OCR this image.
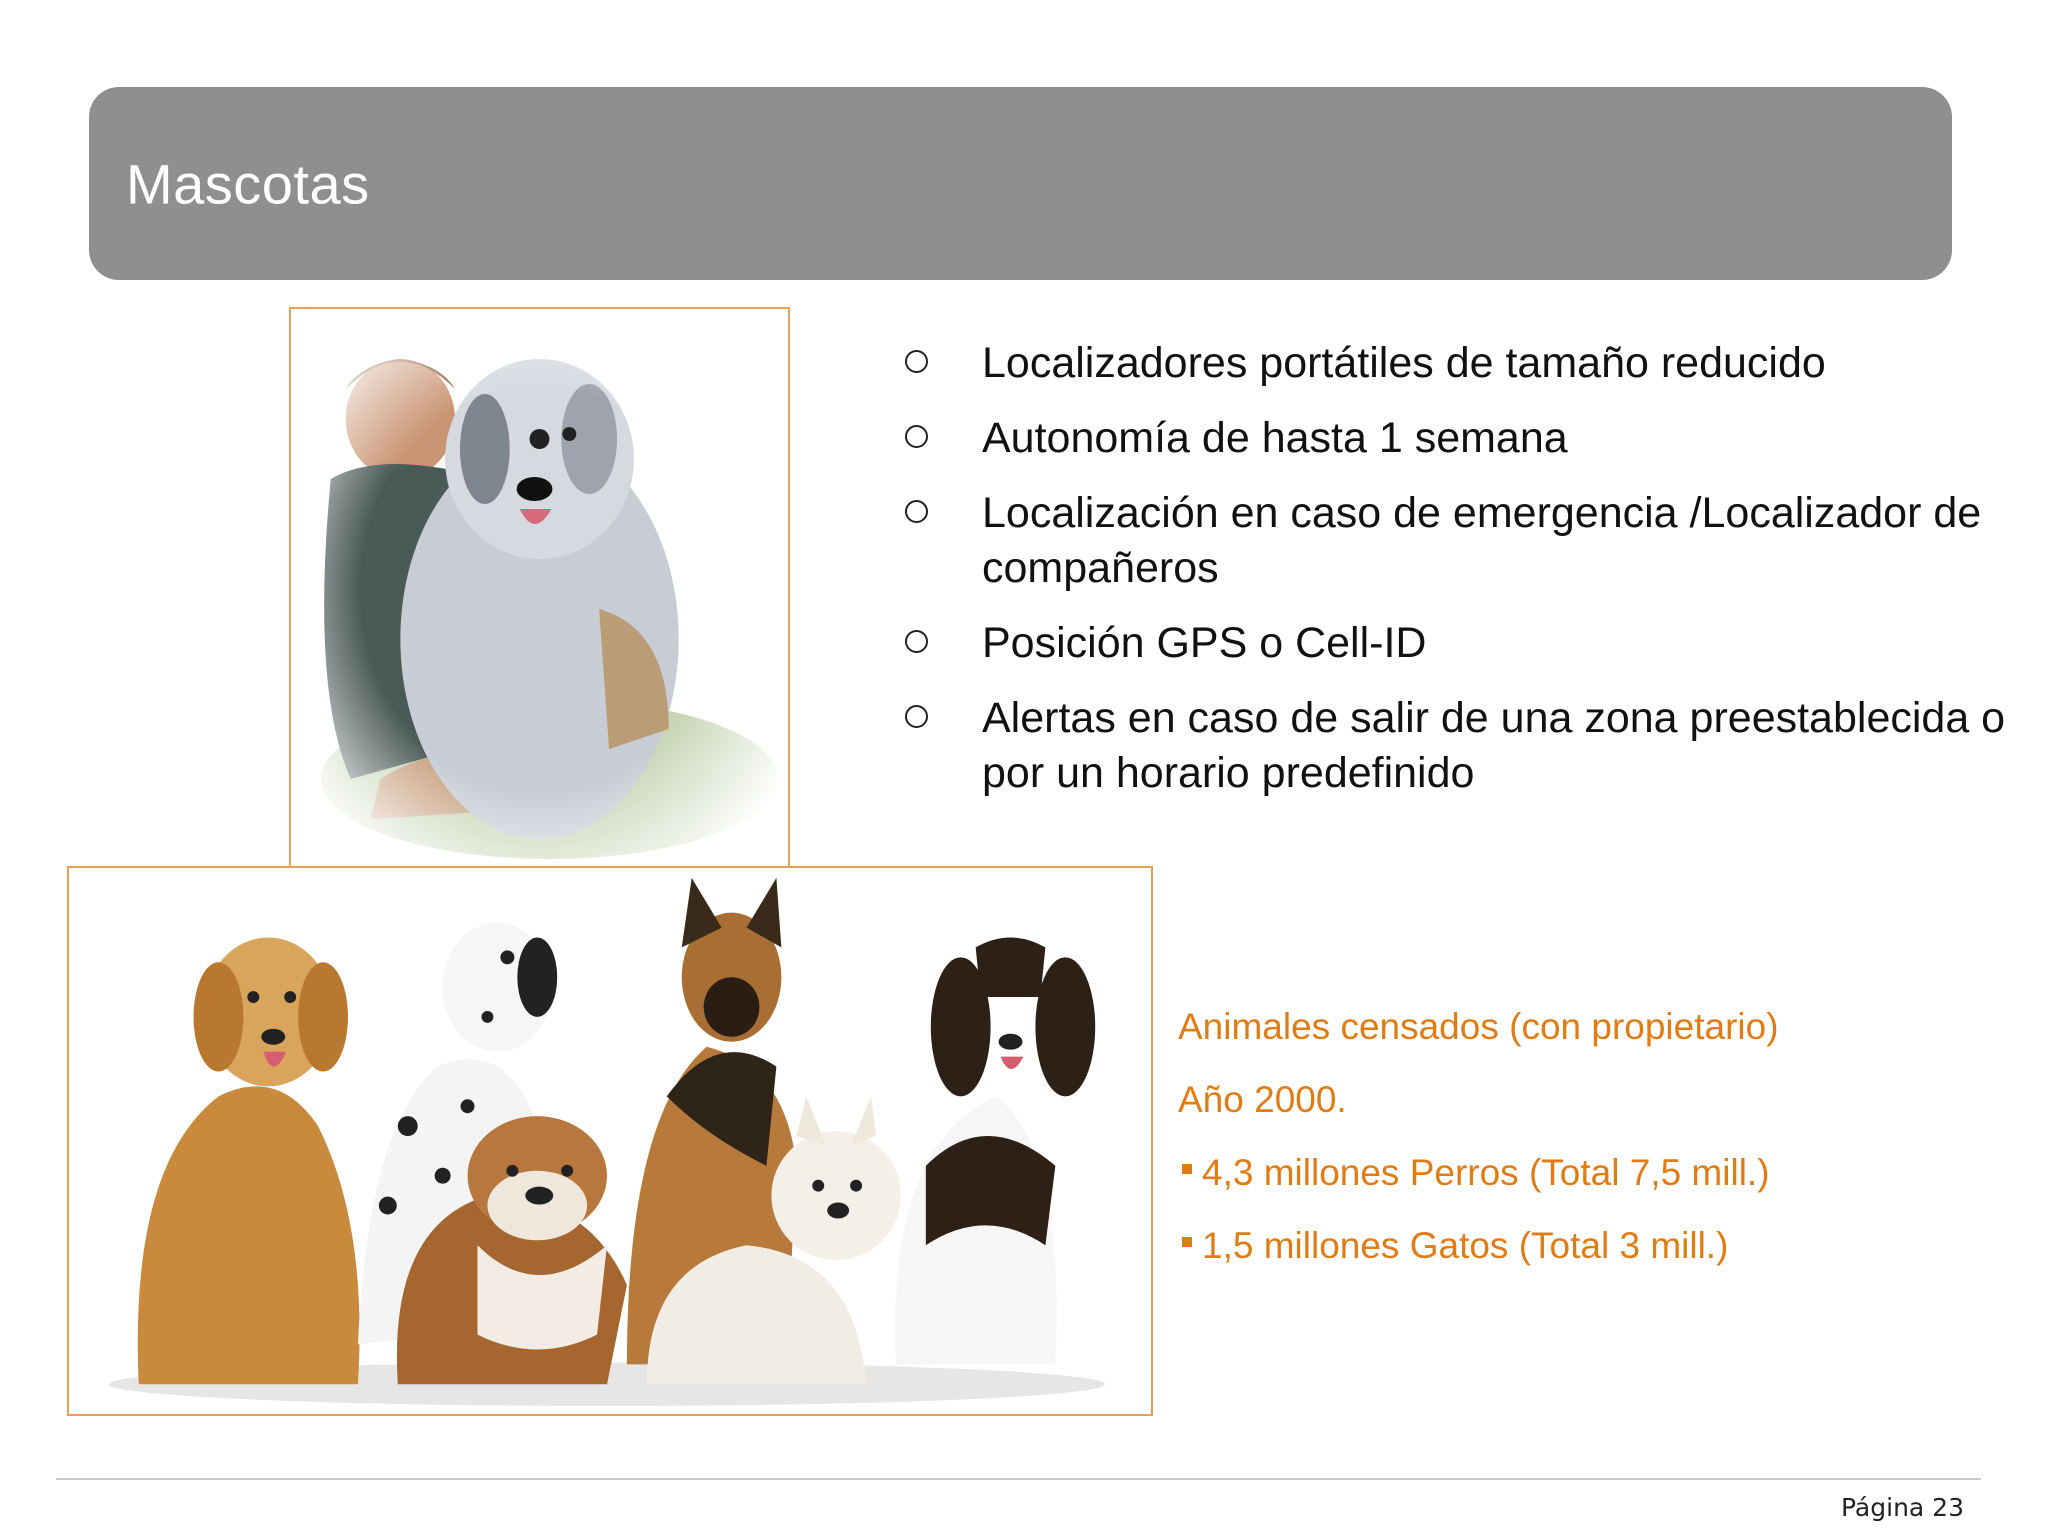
Mascotas
Localizadores portátiles de tamaño reducido
Autonomía de hasta 1 semana
Localización en caso de emergencia /Localizador de compañeros
Posición GPS o Cell-ID
Alertas en caso de salir de una zona preestablecida o por un horario predefinido
Animales censados (con propietario)
Año 2000.
4,3 millones Perros (Total 7,5 mill.)
1,5 millones Gatos (Total 3 mill.)
Página 23
